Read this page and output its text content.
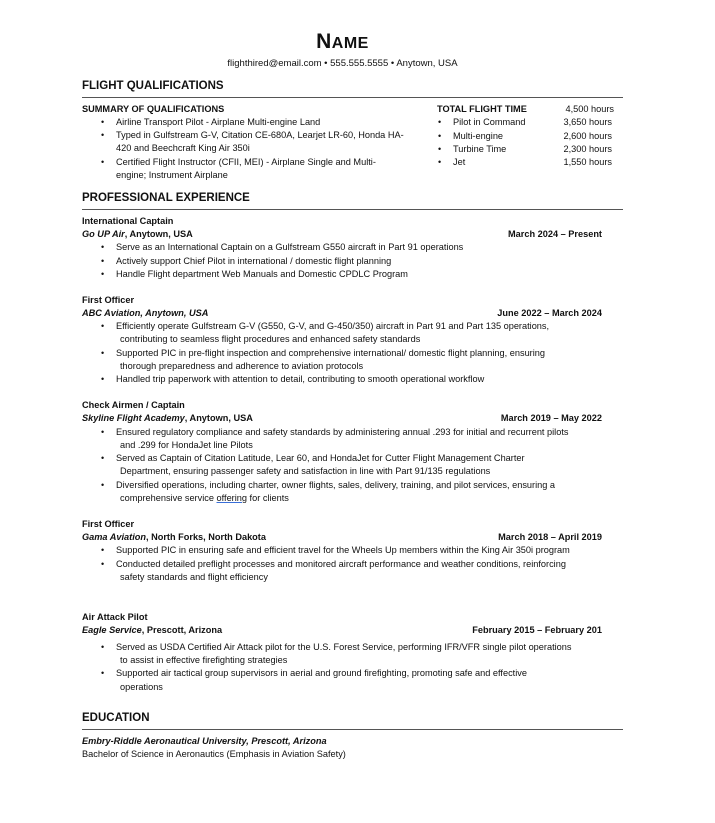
NAME
flighthired@email.com • 555.555.5555 • Anytown, USA
FLIGHT QUALIFICATIONS
SUMMARY OF QUALIFICATIONS
• Airline Transport Pilot - Airplane Multi-engine Land
• Typed in Gulfstream G-V, Citation CE-680A, Learjet LR-60, Honda HA-
420 and Beechcraft King Air 350i
• Certified Flight Instructor (CFII, MEI) - Airplane Single and Multi-
engine; Instrument Airplane
TOTAL FLIGHT TIME	4,500 hours
• Pilot in Command	3,650 hours
• Multi-engine	2,600 hours
• Turbine Time	2,300 hours
• Jet	1,550 hours
PROFESSIONAL EXPERIENCE
International Captain
Go UP Air, Anytown, USA	March 2024 – Present
• Serve as an International Captain on a Gulfstream G550 aircraft in Part 91 operations
• Actively support Chief Pilot in international / domestic flight planning
• Handle Flight department Web Manuals and Domestic CPDLC Program
First Officer
ABC Aviation, Anytown, USA	June 2022 – March 2024
• Efficiently operate Gulfstream G-V (G550, G-V, and G-450/350) aircraft in Part 91 and Part 135 operations,
contributing to seamless flight procedures and enhanced safety standards
• Supported PIC in pre-flight inspection and comprehensive international/ domestic flight planning, ensuring
thorough preparedness and adherence to aviation protocols
• Handled trip paperwork with attention to detail, contributing to smooth operational workflow
Check Airmen / Captain
Skyline Flight Academy, Anytown, USA	March 2019 – May 2022
• Ensured regulatory compliance and safety standards by administering annual .293 for initial and recurrent pilots
and .299 for HondaJet line Pilots
• Served as Captain of Citation Latitude, Lear 60, and HondaJet for Cutter Flight Management Charter
Department, ensuring passenger safety and satisfaction in line with Part 91/135 regulations
• Diversified operations, including charter, owner flights, sales, delivery, training, and pilot services, ensuring a
comprehensive service offering for clients
First Officer
Gama Aviation, North Forks, North Dakota	March 2018 – April 2019
• Supported PIC in ensuring safe and efficient travel for the Wheels Up members within the King Air 350i program
• Conducted detailed preflight processes and monitored aircraft performance and weather conditions, reinforcing
safety standards and flight efficiency
Air Attack Pilot
Eagle Service, Prescott, Arizona	February 2015 – February 201
• Served as USDA Certified Air Attack pilot for the U.S. Forest Service, performing IFR/VFR single pilot operations
to assist in effective firefighting strategies
• Supported air tactical group supervisors in aerial and ground firefighting, promoting safe and effective
operations
EDUCATION
Embry-Riddle Aeronautical University, Prescott, Arizona
Bachelor of Science in Aeronautics (Emphasis in Aviation Safety)
